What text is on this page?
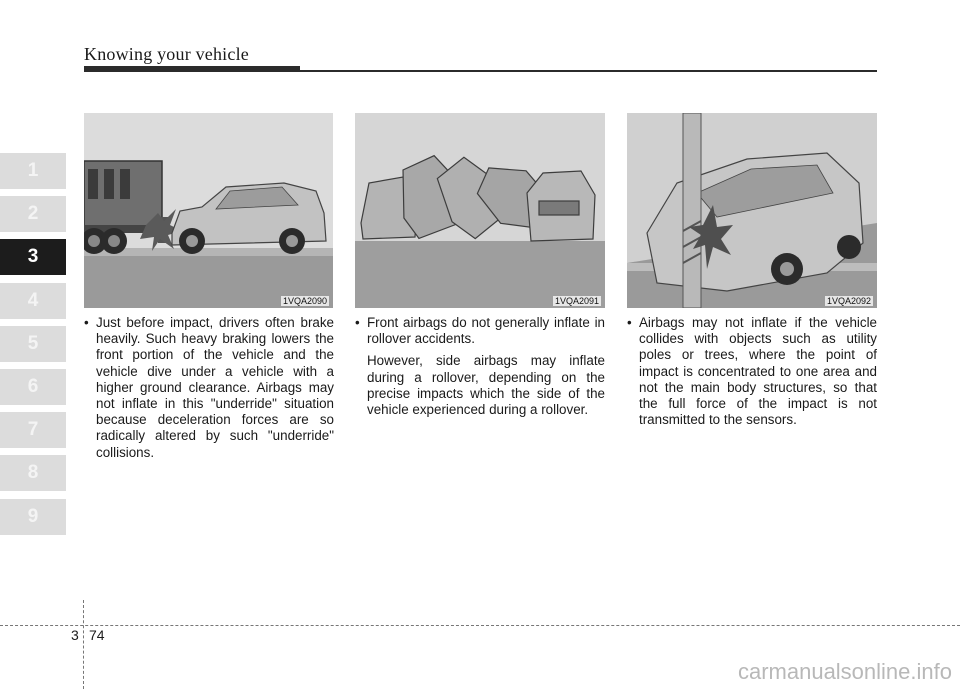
Knowing your vehicle
1
2
3
4
5
6
7
8
9
1VQA2090	1VQA2091	1VQA2092
• Just before impact, drivers often brake heavily. Such heavy braking lowers the front portion of the vehicle and the vehicle dive under a vehicle with a higher ground clearance. Airbags may not inflate in this "underride" situation because deceleration forces are so radically altered by such "underride" collisions.
• Front airbags do not generally inflate in rollover accidents.
However, side airbags may inflate during a rollover, depending on the precise impacts which the side of the vehicle experienced during a rollover.
• Airbags may not inflate if the vehicle collides with objects such as utility poles or trees, where the point of impact is concentrated to one area and not the main body structures, so that the full force of the impact is not transmitted to the sensors.
3 74
carmanualsonline.info
